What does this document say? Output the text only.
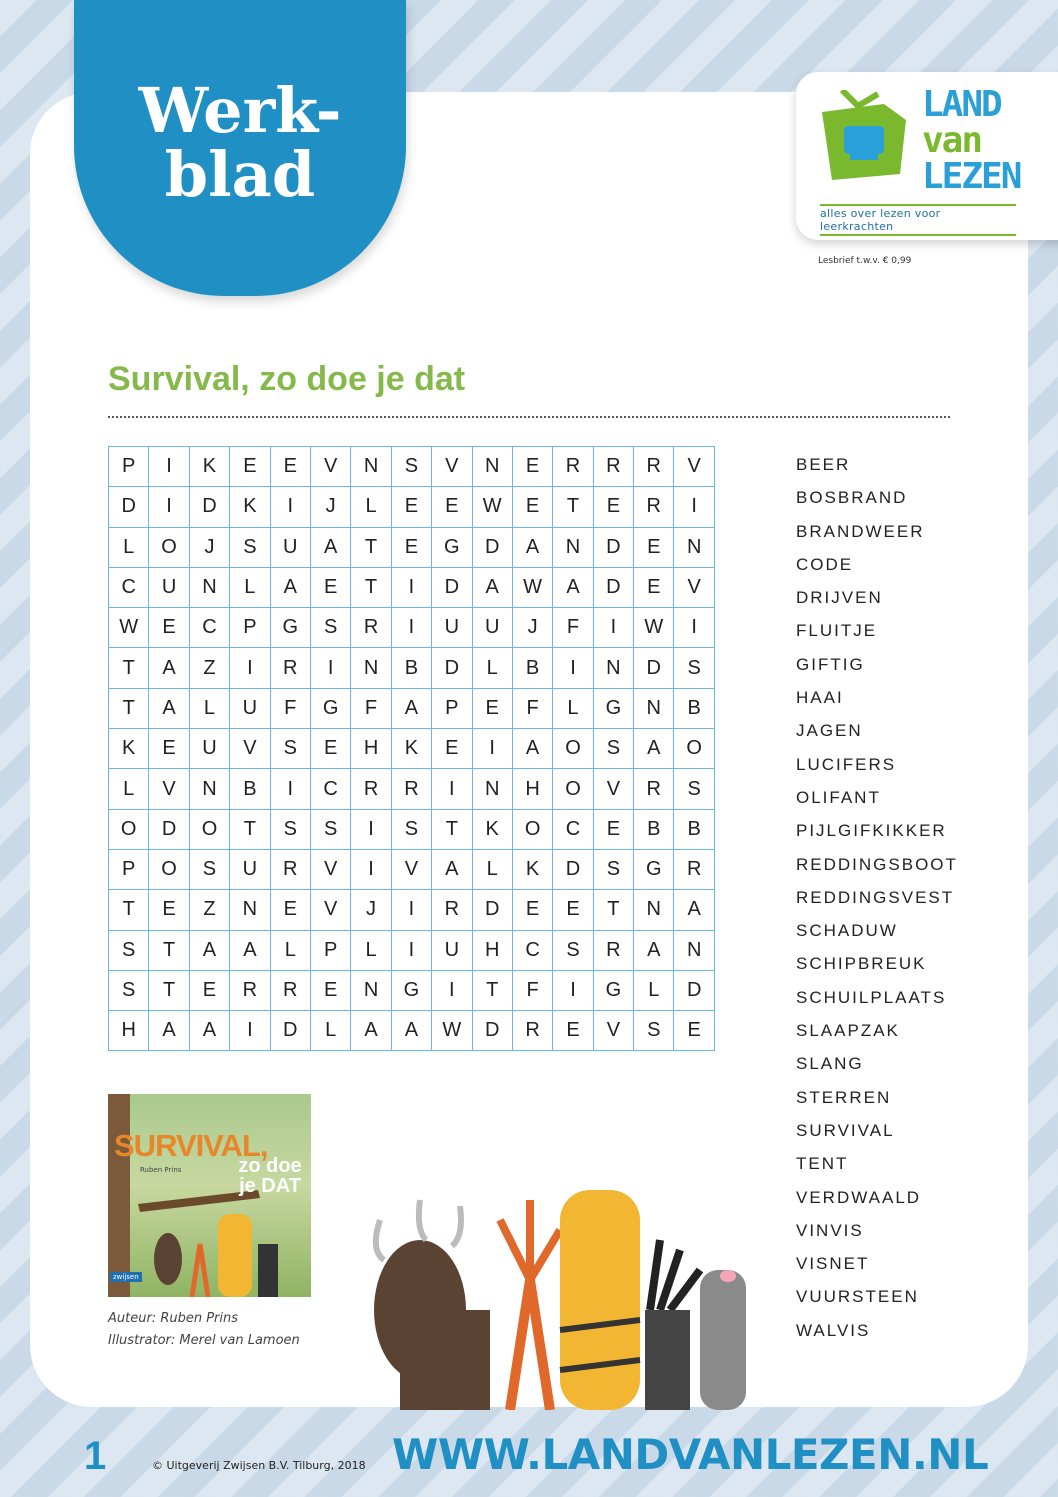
Werk-
blad
LAND
van
LEZEN
alles over lezen voor leerkrachten
Lesbrief t.w.v. € 0,99
Survival, zo doe je dat
P	I	K	E	E	V	N	S	V	N	E	R	R	R	V
D	I	D	K	I	J	L	E	E	W	E	T	E	R	I
L	O	J	S	U	A	T	E	G	D	A	N	D	E	N
C	U	N	L	A	E	T	I	D	A	W	A	D	E	V
W	E	C	P	G	S	R	I	U	U	J	F	I	W	I
T	A	Z	I	R	I	N	B	D	L	B	I	N	D	S
T	A	L	U	F	G	F	A	P	E	F	L	G	N	B
K	E	U	V	S	E	H	K	E	I	A	O	S	A	O
L	V	N	B	I	C	R	R	I	N	H	O	V	R	S
O	D	O	T	S	S	I	S	T	K	O	C	E	B	B
P	O	S	U	R	V	I	V	A	L	K	D	S	G	R
T	E	Z	N	E	V	J	I	R	D	E	E	T	N	A
S	T	A	A	L	P	L	I	U	H	C	S	R	A	N
S	T	E	R	R	E	N	G	I	T	F	I	G	L	D
H	A	A	I	D	L	A	A	W	D	R	E	V	S	E
BEER
BOSBRAND
BRANDWEER
CODE
DRIJVEN
FLUITJE
GIFTIG
HAAI
JAGEN
LUCIFERS
OLIFANT
PIJLGIFKIKKER
REDDINGSBOOT
REDDINGSVEST
SCHADUW
SCHIPBREUK
SCHUILPLAATS
SLAAPZAK
SLANG
STERREN
SURVIVAL
TENT
VERDWAALD
VINVIS
VISNET
VUURSTEEN
WALVIS
SURVIVAL,
Ruben Prins	zo doe je DAT
zwijsen
Auteur: Ruben Prins
Illustrator: Merel van Lamoen
1	© Uitgeverij Zwijsen B.V. Tilburg, 2018 WWW.LANDVANLEZEN.NL
